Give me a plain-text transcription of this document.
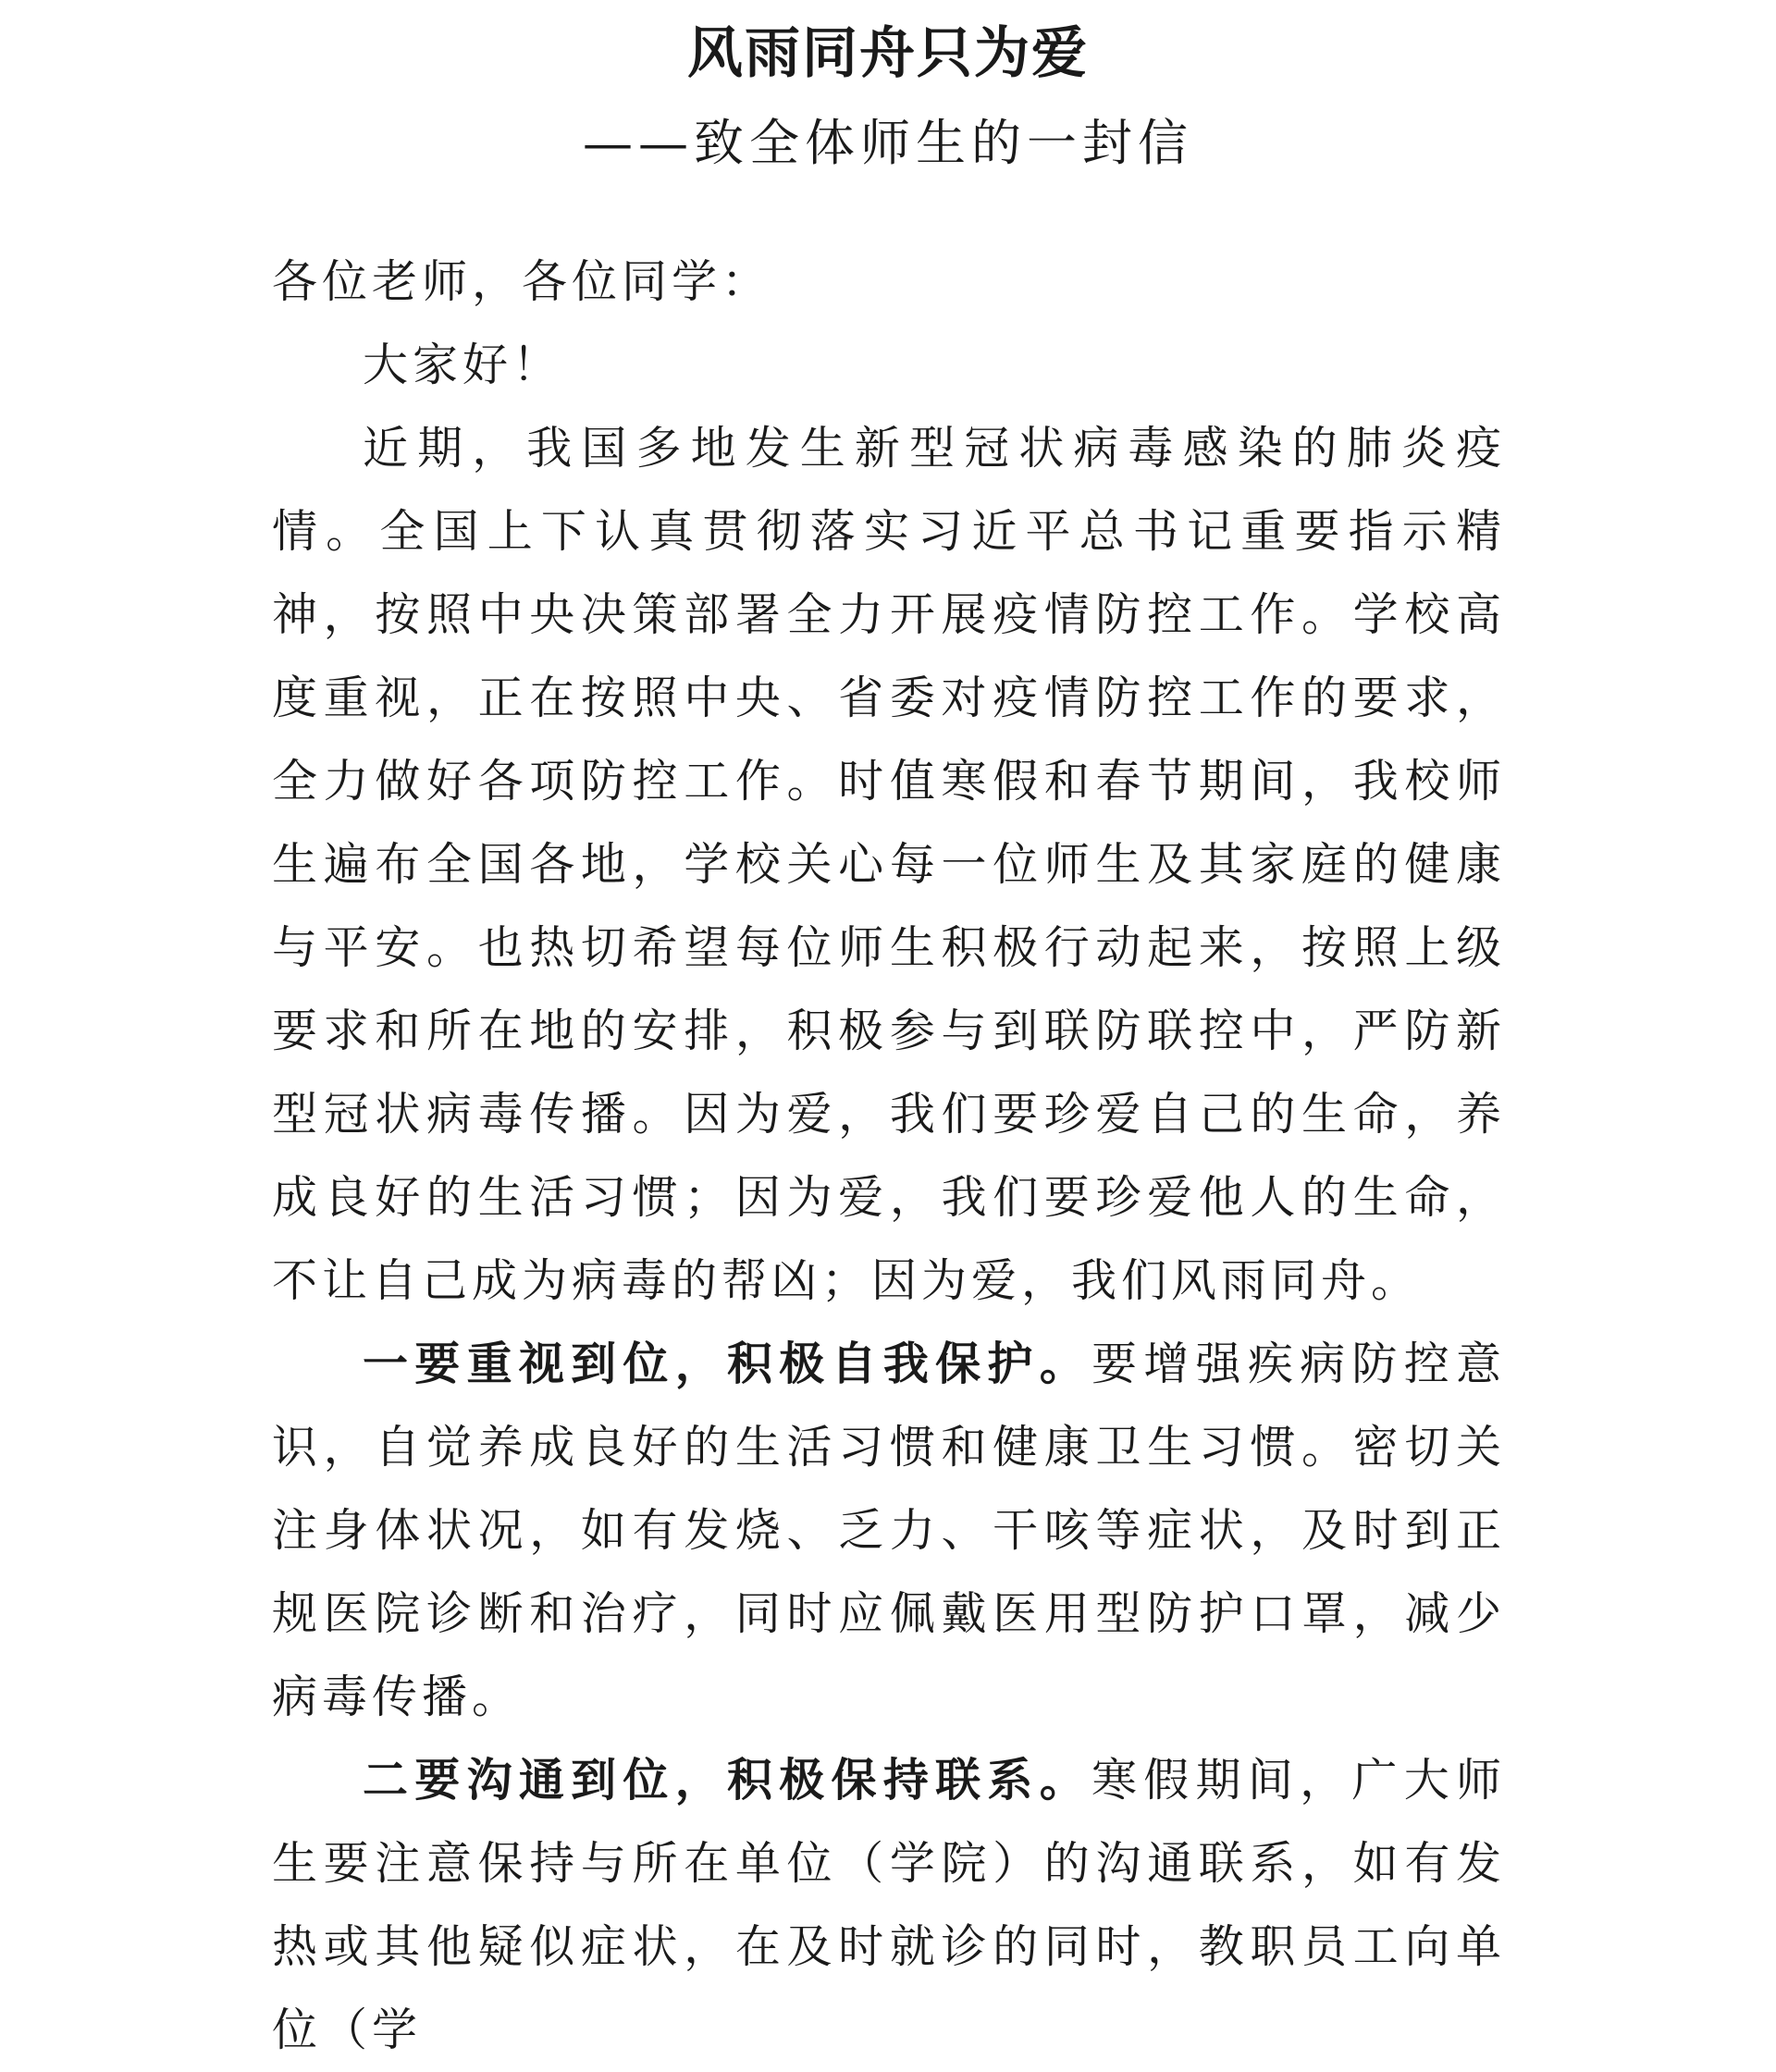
风雨同舟只为爱
——致全体师生的一封信

各位老师，各位同学：

大家好！

近期，我国多地发生新型冠状病毒感染的肺炎疫情。全国上下认真贯彻落实习近平总书记重要指示精神，按照中央决策部署全力开展疫情防控工作。学校高度重视，正在按照中央、省委对疫情防控工作的要求，全力做好各项防控工作。时值寒假和春节期间，我校师生遍布全国各地，学校关心每一位师生及其家庭的健康与平安。也热切希望每位师生积极行动起来，按照上级要求和所在地的安排，积极参与到联防联控中，严防新型冠状病毒传播。因为爱，我们要珍爱自己的生命，养成良好的生活习惯；因为爱，我们要珍爱他人的生命，不让自己成为病毒的帮凶；因为爱，我们风雨同舟。

一要重视到位，积极自我保护。要增强疾病防控意识，自觉养成良好的生活习惯和健康卫生习惯。密切关注身体状况，如有发烧、乏力、干咳等症状，及时到正规医院诊断和治疗，同时应佩戴医用型防护口罩，减少病毒传播。

二要沟通到位，积极保持联系。寒假期间，广大师生要注意保持与所在单位（学院）的沟通联系，如有发热或其他疑似症状，在及时就诊的同时，教职员工向单位（学
